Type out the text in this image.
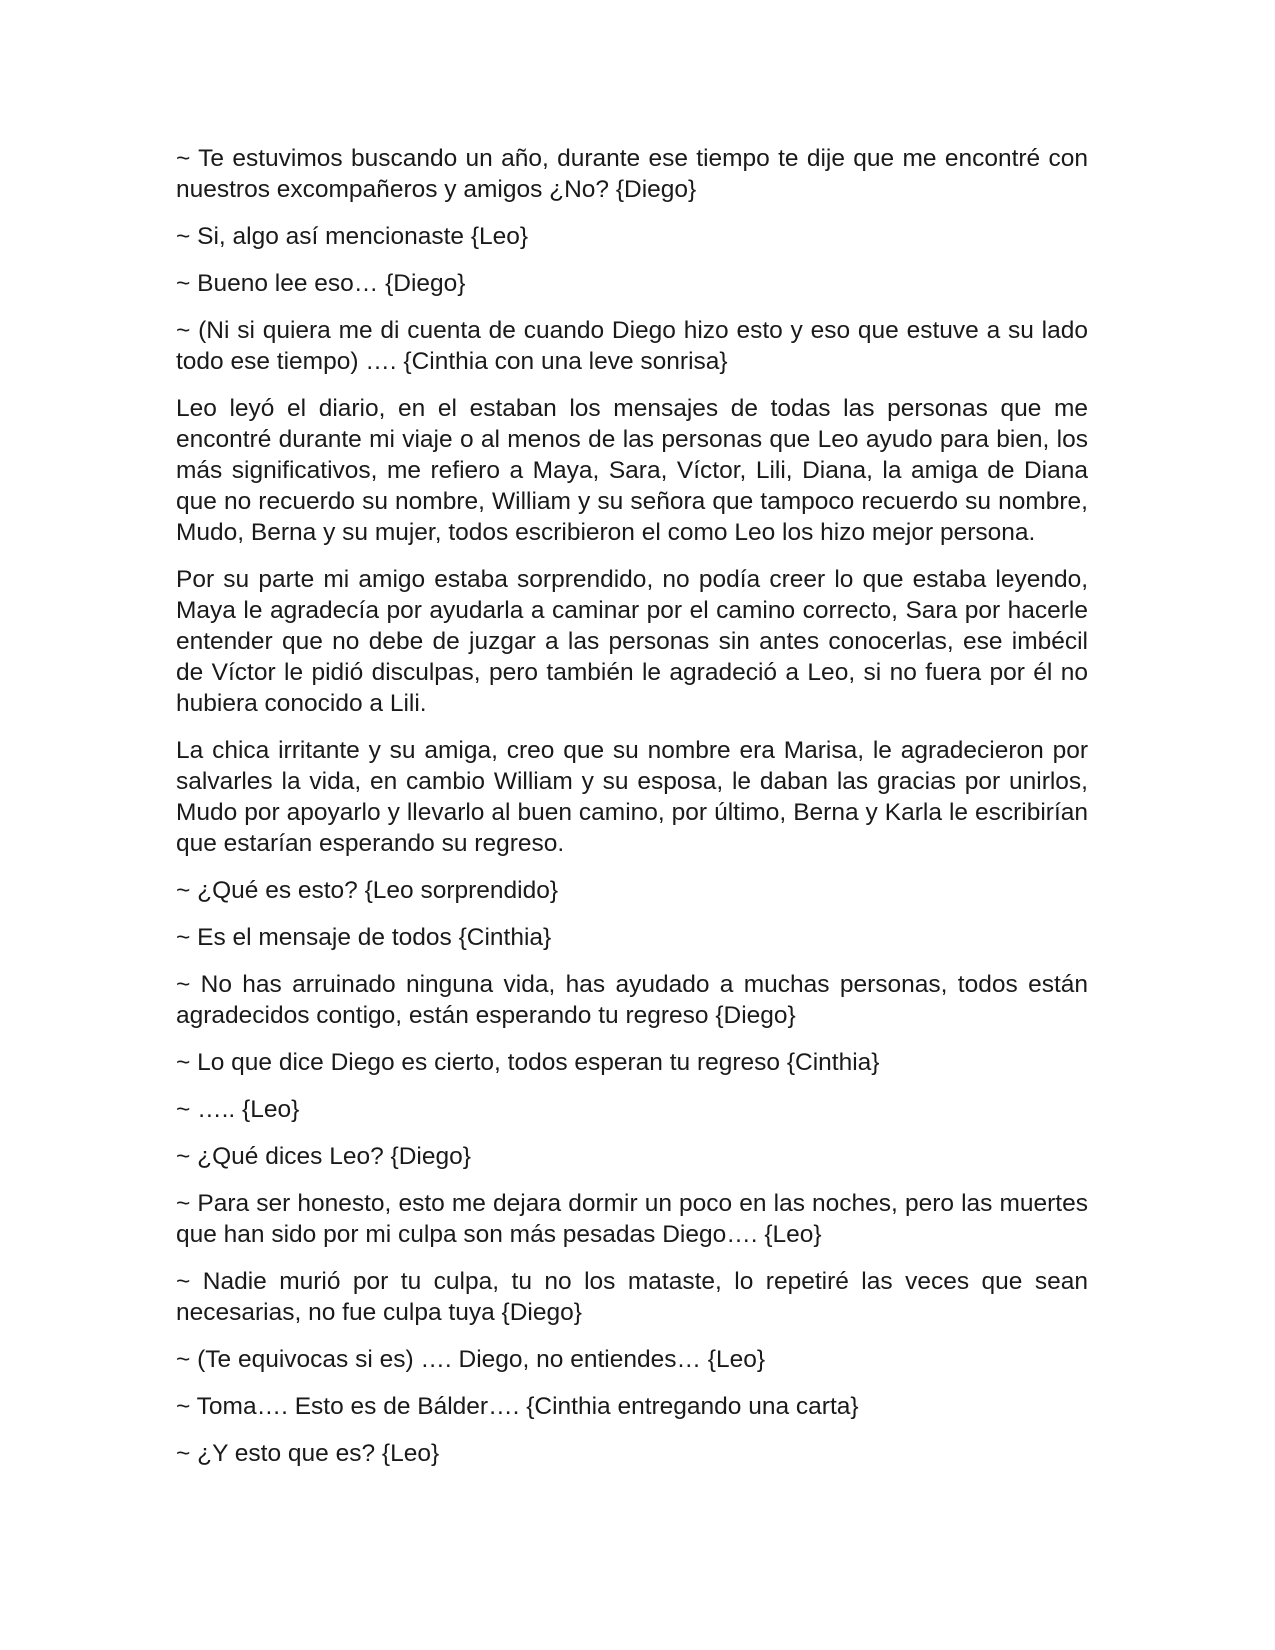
~ Te estuvimos buscando un año, durante ese tiempo te dije que me encontré con nuestros excompañeros y amigos ¿No? {Diego}

~ Si, algo así mencionaste {Leo}

~ Bueno lee eso… {Diego}

~ (Ni si quiera me di cuenta de cuando Diego hizo esto y eso que estuve a su lado todo ese tiempo) …. {Cinthia con una leve sonrisa}

Leo leyó el diario, en el estaban los mensajes de todas las personas que me encontré durante mi viaje o al menos de las personas que Leo ayudo para bien, los más significativos, me refiero a Maya, Sara, Víctor, Lili, Diana, la amiga de Diana que no recuerdo su nombre, William y su señora que tampoco recuerdo su nombre, Mudo, Berna y su mujer, todos escribieron el como Leo los hizo mejor persona.

Por su parte mi amigo estaba sorprendido, no podía creer lo que estaba leyendo, Maya le agradecía por ayudarla a caminar por el camino correcto, Sara por hacerle entender que no debe de juzgar a las personas sin antes conocerlas, ese imbécil de Víctor le pidió disculpas, pero también le agradeció a Leo, si no fuera por él no hubiera conocido a Lili.

La chica irritante y su amiga, creo que su nombre era Marisa, le agradecieron por salvarles la vida, en cambio William y su esposa, le daban las gracias por unirlos, Mudo por apoyarlo y llevarlo al buen camino, por último, Berna y Karla le escribirían que estarían esperando su regreso.

~ ¿Qué es esto? {Leo sorprendido}

~ Es el mensaje de todos {Cinthia}

~ No has arruinado ninguna vida, has ayudado a muchas personas, todos están agradecidos contigo, están esperando tu regreso {Diego}

~ Lo que dice Diego es cierto, todos esperan tu regreso {Cinthia}

~ ….. {Leo}

~ ¿Qué dices Leo? {Diego}

~ Para ser honesto, esto me dejara dormir un poco en las noches, pero las muertes que han sido por mi culpa son más pesadas Diego…. {Leo}

~ Nadie murió por tu culpa, tu no los mataste, lo repetiré las veces que sean necesarias, no fue culpa tuya {Diego}

~ (Te equivocas si es) …. Diego, no entiendes… {Leo}

~ Toma…. Esto es de Bálder…. {Cinthia entregando una carta}

~ ¿Y esto que es? {Leo}
